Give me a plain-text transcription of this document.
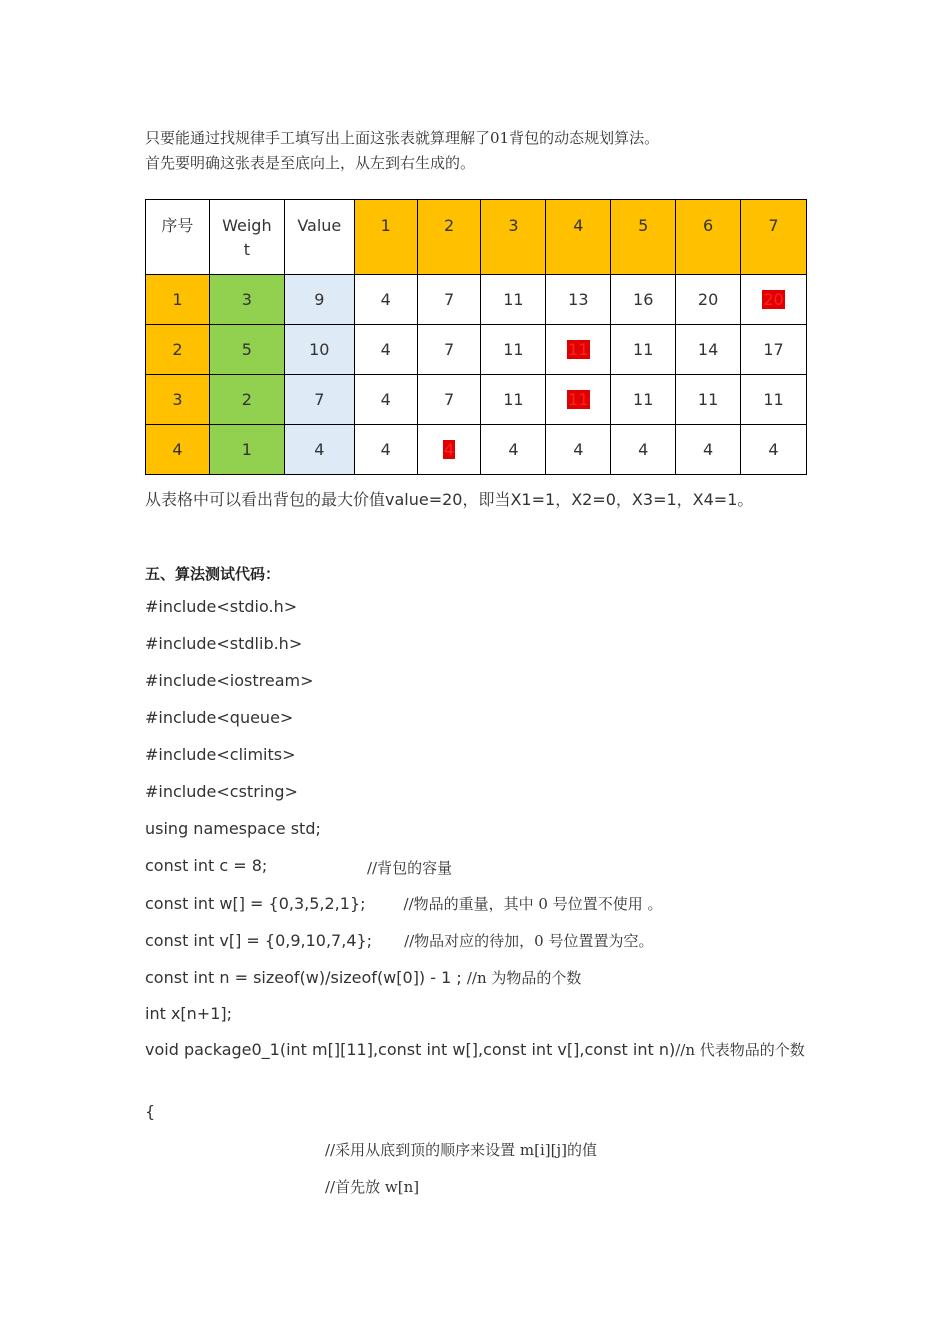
只要能通过找规律手工填写出上面这张表就算理解了01背包的动态规划算法。
首先要明确这张表是至底向上，从左到右生成的。
序号	Weigh
t	Value	1	2	3	4	5	6	7
1	3	9	4	7	11	13	16	20	20
2	5	10	4	7	11	11	11	14	17
3	2	7	4	7	11	11	11	11	11
4	1	4	4	4	4	4	4	4	4
从表格中可以看出背包的最大价值value=20，即当X1=1，X2=0，X3=1，X4=1。
五、算法测试代码：
#include<stdio.h>
#include<stdlib.h>
#include<iostream>
#include<queue>
#include<climits>
#include<cstring>
using namespace std;
const int c = 8;	//背包的容量
const int w[] = {0,3,5,2,1};	//物品的重量，其中 0 号位置不使用 。
const int v[] = {0,9,10,7,4}; //物品对应的待加，0 号位置置为空。
const int n = sizeof(w)/sizeof(w[0]) - 1 ; //n 为物品的个数
int x[n+1];
void package0_1(int m[][11],const int w[],const int v[],const int n)//n 代表物品的个数
{
//采用从底到顶的顺序来设置 m[i][j]的值
//首先放 w[n]
